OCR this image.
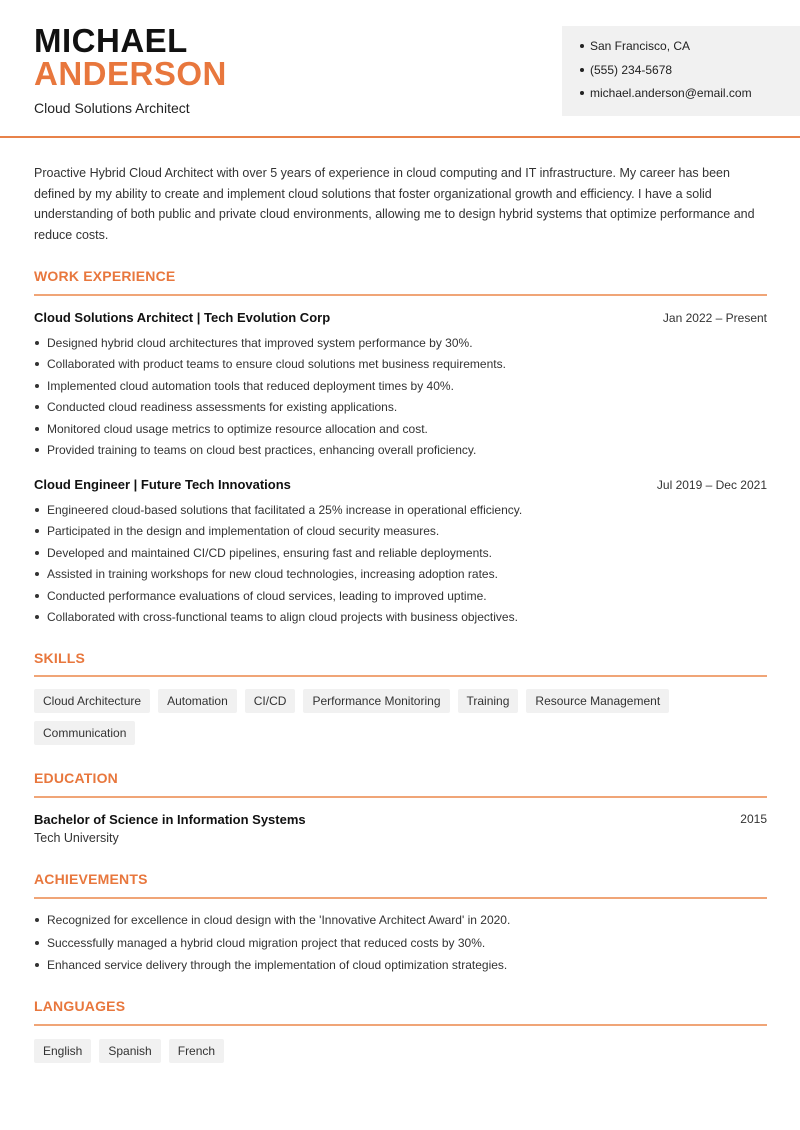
MICHAEL
ANDERSON
Cloud Solutions Architect
San Francisco, CA
(555) 234-5678
michael.anderson@email.com

Proactive Hybrid Cloud Architect with over 5 years of experience in cloud computing and IT infrastructure. My career has been defined by my ability to create and implement cloud solutions that foster organizational growth and efficiency. I have a solid understanding of both public and private cloud environments, allowing me to design hybrid systems that optimize performance and reduce costs.

WORK EXPERIENCE
Cloud Solutions Architect | Tech Evolution Corp	Jan 2022 – Present
Designed hybrid cloud architectures that improved system performance by 30%.
Collaborated with product teams to ensure cloud solutions met business requirements.
Implemented cloud automation tools that reduced deployment times by 40%.
Conducted cloud readiness assessments for existing applications.
Monitored cloud usage metrics to optimize resource allocation and cost.
Provided training to teams on cloud best practices, enhancing overall proficiency.
Cloud Engineer | Future Tech Innovations	Jul 2019 – Dec 2021
Engineered cloud-based solutions that facilitated a 25% increase in operational efficiency.
Participated in the design and implementation of cloud security measures.
Developed and maintained CI/CD pipelines, ensuring fast and reliable deployments.
Assisted in training workshops for new cloud technologies, increasing adoption rates.
Conducted performance evaluations of cloud services, leading to improved uptime.
Collaborated with cross-functional teams to align cloud projects with business objectives.
SKILLS
Cloud Architecture	Automation	CI/CD	Performance Monitoring	Training	Resource Management
Communication
EDUCATION
Bachelor of Science in Information Systems	2015
Tech University
ACHIEVEMENTS
Recognized for excellence in cloud design with the 'Innovative Architect Award' in 2020.
Successfully managed a hybrid cloud migration project that reduced costs by 30%.
Enhanced service delivery through the implementation of cloud optimization strategies.
LANGUAGES
English	Spanish	French
